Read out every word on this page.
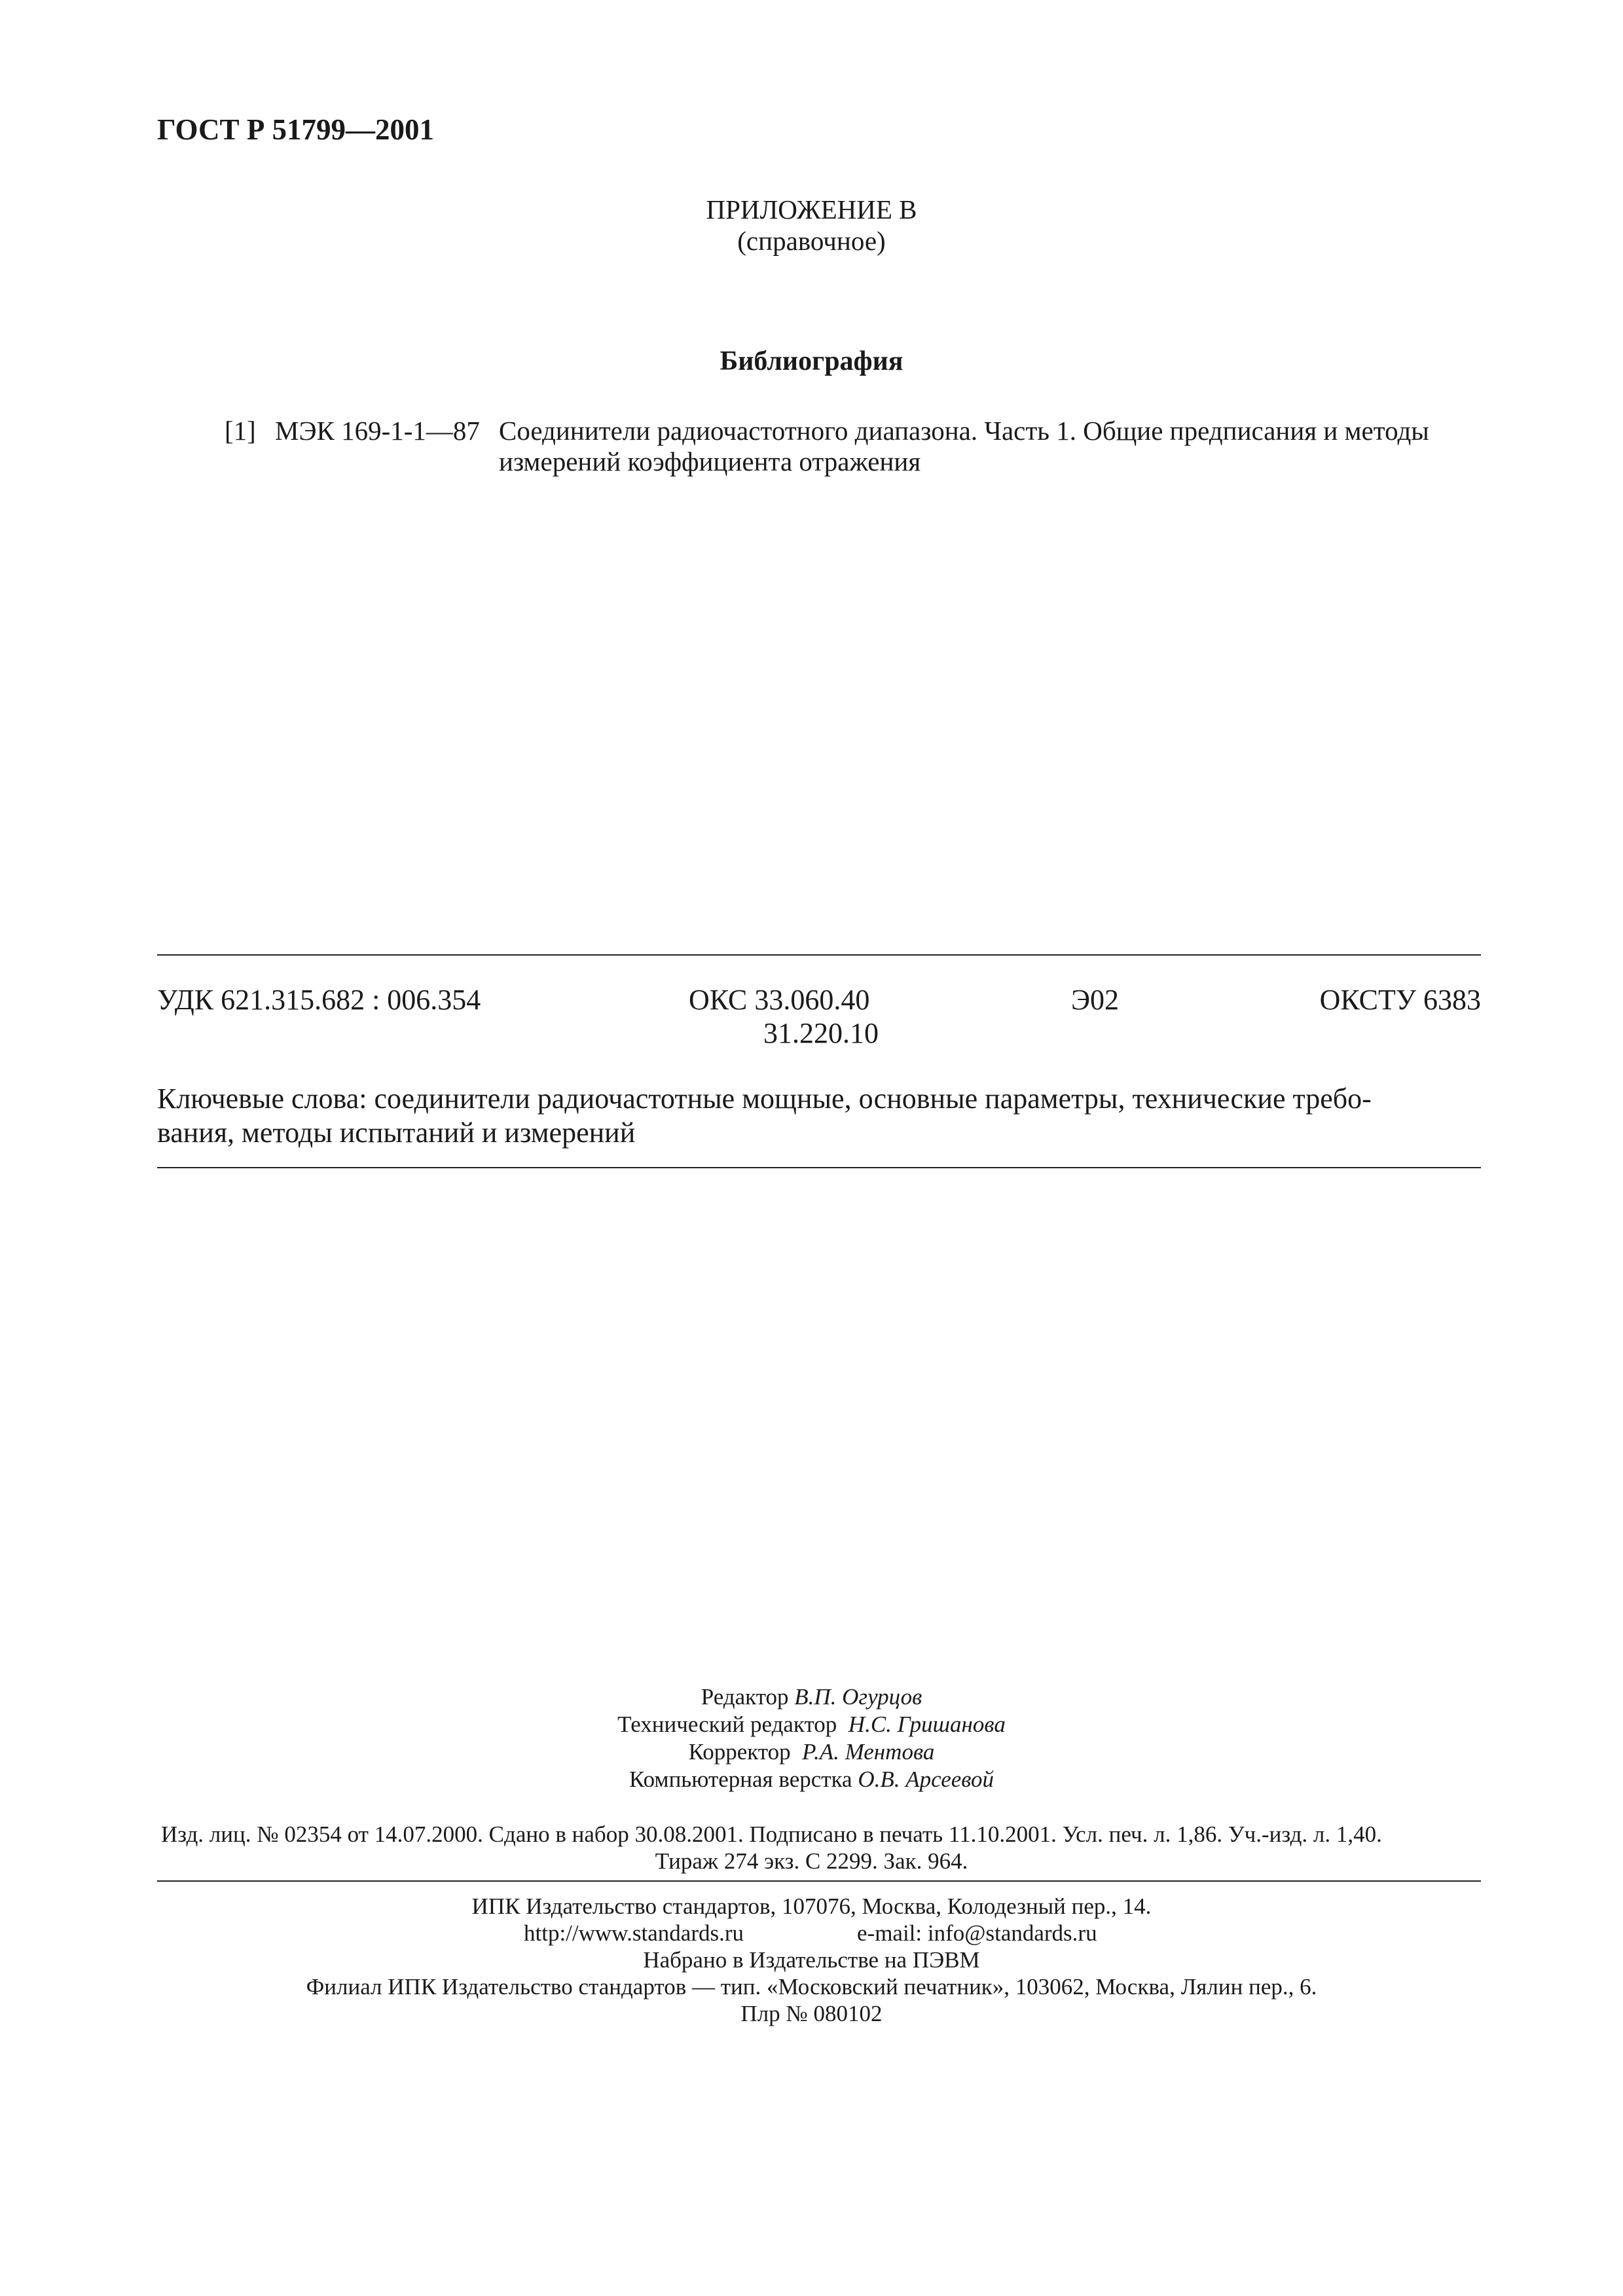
ГОСТ Р 51799—2001
ПРИЛОЖЕНИЕ В
(справочное)
Библиография
[1] МЭК 169-1-1—87 Соединители радиочастотного диапазона. Часть 1. Общие предписания и методы
измерений коэффициента отражения
УДК 621.315.682 : 006.354	ОКС 33.060.40
31.220.10
Э02	ОКСТУ 6383
Ключевые слова: соединители радиочастотные мощные, основные параметры, технические требо-
вания, методы испытаний и измерений
Редактор В.П. Огурцов
Технический редактор Н.С. Гришанова
Корректор Р.А. Ментова
Компьютерная верстка О.В. Арсеевой
Изд. лиц. № 02354 от 14.07.2000. Сдано в набор 30.08.2001. Подписано в печать 11.10.2001. Усл. печ. л. 1,86. Уч.-изд. л. 1,40.
Тираж 274 экз. С 2299. Зак. 964.
ИПК Издательство стандартов, 107076, Москва, Колодезный пер., 14.
http://www.standards.ru	e-mail: info@standards.ru
Набрано в Издательстве на ПЭВМ
Филиал ИПК Издательство стандартов — тип. «Московский печатник», 103062, Москва, Лялин пер., 6.
Плр № 080102
